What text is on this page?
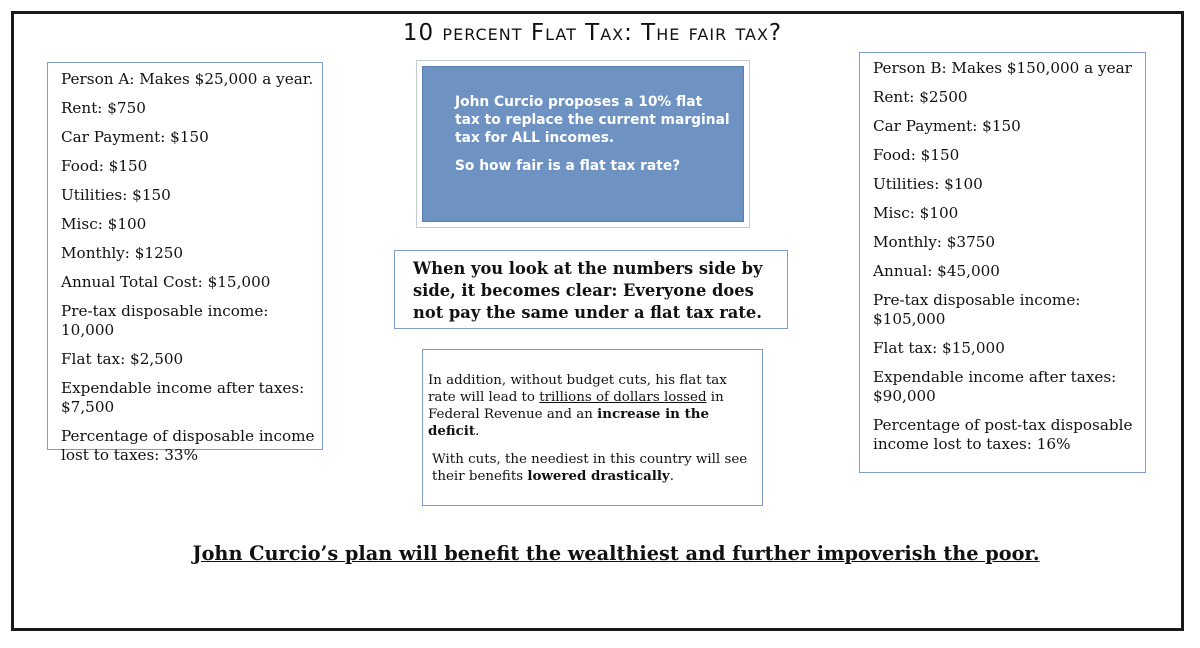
10 percent Flat Tax: The fair tax?
Person A: Makes $25,000 a year.
Rent: $750
Car Payment: $150
Food: $150
Utilities: $150
Misc: $100
Monthly: $1250
Annual Total Cost: $15,000
Pre-tax disposable income: 10,000
Flat tax: $2,500
Expendable income after taxes:
$7,500
Percentage of disposable income
lost to taxes: 33%
John Curcio proposes a 10% flat tax to replace the current marginal tax for ALL incomes.
So how fair is a flat tax rate?
When you look at the numbers side by side, it becomes clear: Everyone does not pay the same under a flat tax rate.
In addition, without budget cuts, his flat tax rate will lead to trillions of dollars lossed in Federal Revenue and an increase in the deficit.
With cuts, the neediest in this country will see their benefits lowered drastically.
Person B: Makes $150,000 a year
Rent: $2500
Car Payment: $150
Food: $150
Utilities: $100
Misc: $100
Monthly: $3750
Annual: $45,000
Pre-tax disposable income:
$105,000
Flat tax: $15,000
Expendable income after taxes:
$90,000
Percentage of post-tax disposable
income lost to taxes: 16%
John Curcio’s plan will benefit the wealthiest and further impoverish the poor.
